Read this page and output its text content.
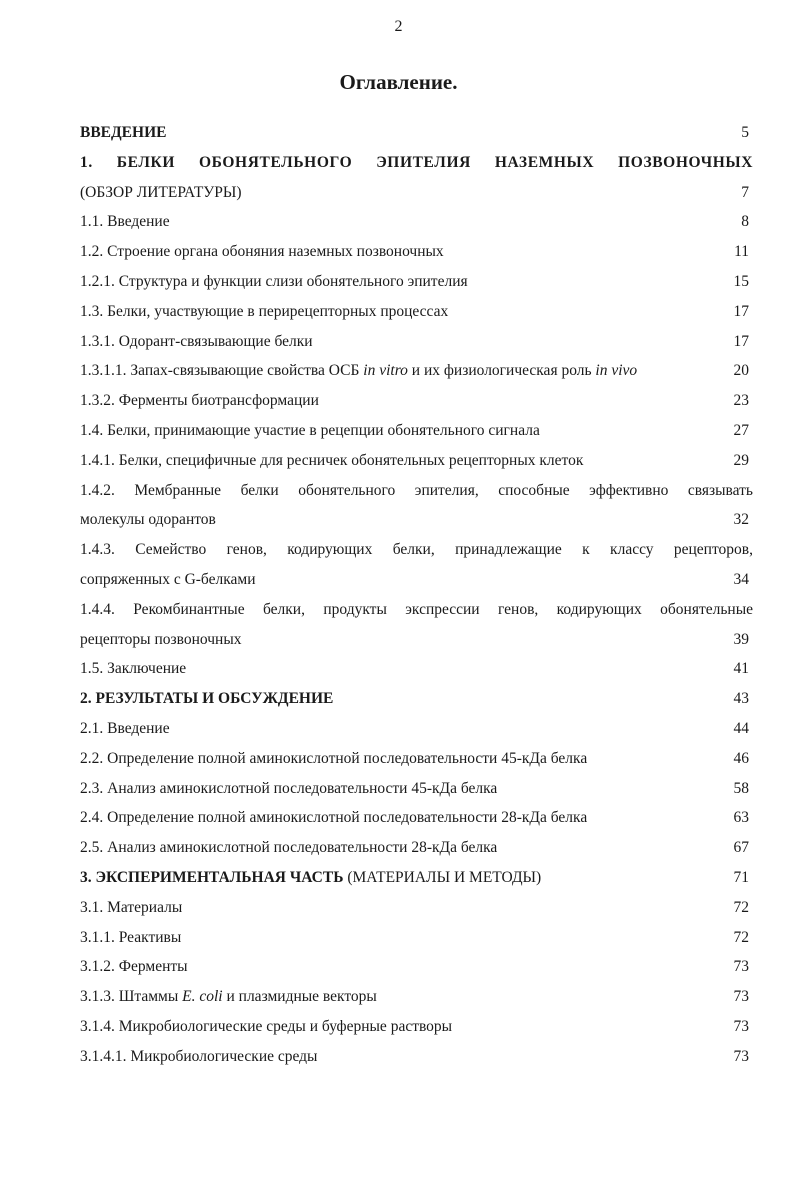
2
Оглавление.
ВВЕДЕНИЕ	5
1. БЕЛКИ ОБОНЯТЕЛЬНОГО ЭПИТЕЛИЯ НАЗЕМНЫХ ПОЗВОНОЧНЫХ
(ОБЗОР ЛИТЕРАТУРЫ)	7
1.1. Введение	8
1.2. Строение органа обоняния наземных позвоночных	11
1.2.1. Структура и функции слизи обонятельного эпителия	15
1.3. Белки, участвующие в перирецепторных процессах	17
1.3.1. Одорант-связывающие белки	17
1.3.1.1. Запах-связывающие свойства ОСБ in vitro и их физиологическая роль in vivo	20
1.3.2. Ферменты биотрансформации	23
1.4. Белки, принимающие участие в рецепции обонятельного сигнала	27
1.4.1. Белки, специфичные для ресничек обонятельных рецепторных клеток	29
1.4.2. Мембранные белки обонятельного эпителия, способные эффективно связывать
молекулы одорантов	32
1.4.3. Семейство генов, кодирующих белки, принадлежащие к классу рецепторов,
сопряженных с G-белками	34
1.4.4. Рекомбинантные белки, продукты экспрессии генов, кодирующих обонятельные
рецепторы позвоночных	39
1.5. Заключение	41
2. РЕЗУЛЬТАТЫ И ОБСУЖДЕНИЕ	43
2.1. Введение	44
2.2. Определение полной аминокислотной последовательности 45-кДа белка	46
2.3. Анализ аминокислотной последовательности 45-кДа белка	58
2.4. Определение полной аминокислотной последовательности 28-кДа белка	63
2.5. Анализ аминокислотной последовательности 28-кДа белка	67
3. ЭКСПЕРИМЕНТАЛЬНАЯ ЧАСТЬ (МАТЕРИАЛЫ И МЕТОДЫ)	71
3.1. Материалы	72
3.1.1. Реактивы	72
3.1.2. Ферменты	73
3.1.3. Штаммы E. coli и плазмидные векторы	73
3.1.4. Микробиологические среды и буферные растворы	73
3.1.4.1. Микробиологические среды	73
